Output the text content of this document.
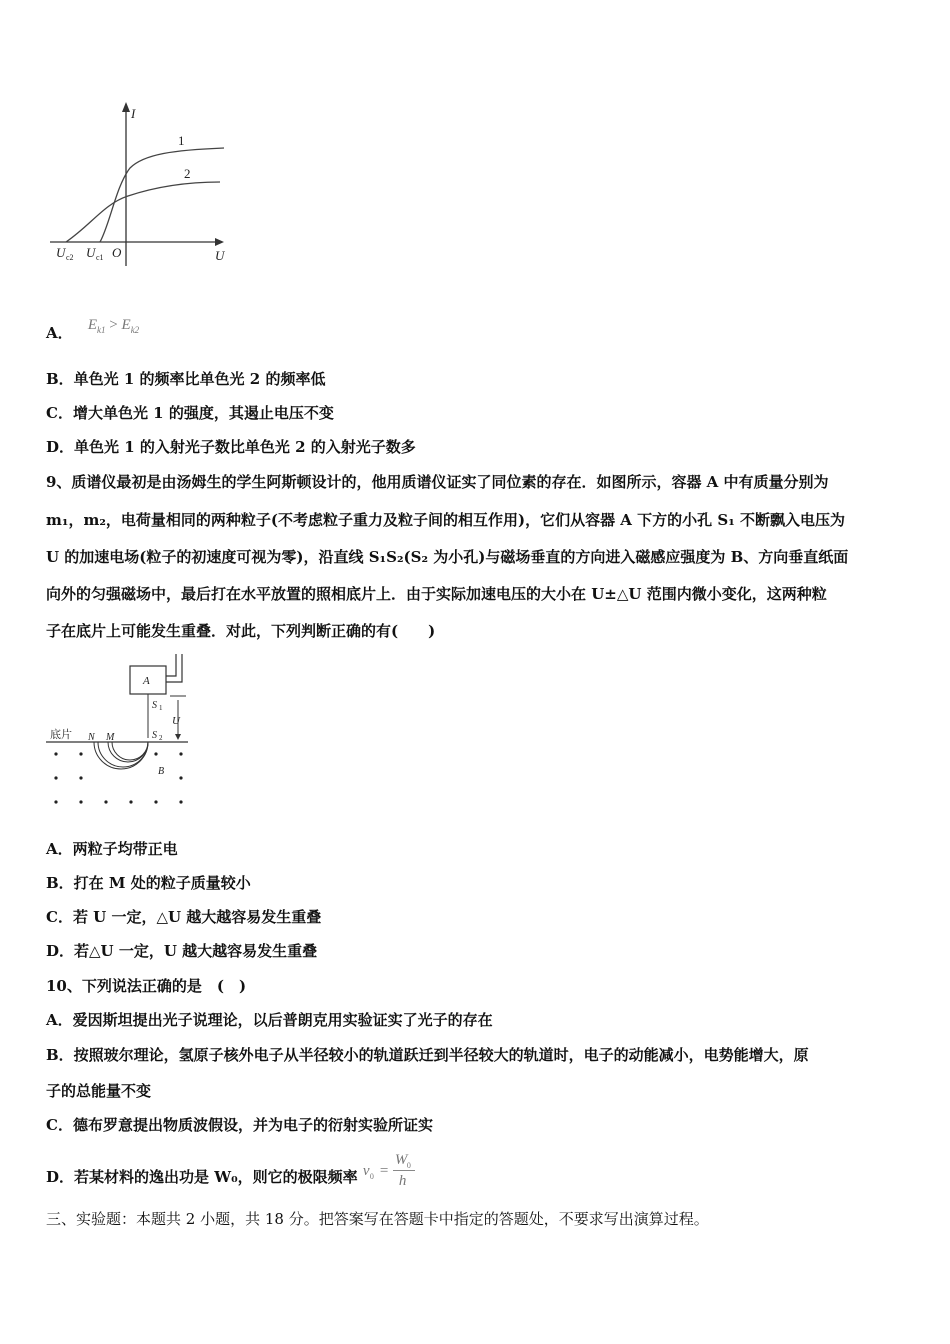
I
U
O
U c2 U c1
1
2
A． $E_{k1} > E_{k2}$
B．单色光 1 的频率比单色光 2 的频率低
C．增大单色光 1 的强度，其遏止电压不变
D．单色光 1 的入射光子数比单色光 2 的入射光子数多
9、质谱仪最初是由汤姆生的学生阿斯顿设计的，他用质谱仪证实了同位素的存在．如图所示，容器 A 中有质量分别为
m₁，m₂，电荷量相同的两种粒子(不考虑粒子重力及粒子间的相互作用)，它们从容器 A 下方的小孔 S₁ 不断飘入电压为
U 的加速电场(粒子的初速度可视为零)，沿直线 S₁S₂(S₂ 为小孔)与磁场垂直的方向进入磁感应强度为 B、方向垂直纸面
向外的匀强磁场中，最后打在水平放置的照相底片上．由于实际加速电压的大小在 U±△U 范围内微小变化，这两种粒
子在底片上可能发生重叠．对此，下列判断正确的有(　　)
A
S 1
U
底片 N M	S 2
B
A．两粒子均带正电
B．打在 M 处的粒子质量较小
C．若 U 一定，△U 越大越容易发生重叠
D．若△U 一定，U 越大越容易发生重叠
10、下列说法正确的是　(　)
A．爱因斯坦提出光子说理论，以后普朗克用实验证实了光子的存在
B．按照玻尔理论，氢原子核外电子从半径较小的轨道跃迁到半径较大的轨道时，电子的动能减小，电势能增大，原
子的总能量不变
C．德布罗意提出物质波假设，并为电子的衍射实验所证实
D．若某材料的逸出功是 W₀，则它的极限频率 ν 0 =
W 0
h
三、实验题：本题共 2 小题，共 18 分。把答案写在答题卡中指定的答题处，不要求写出演算过程。
